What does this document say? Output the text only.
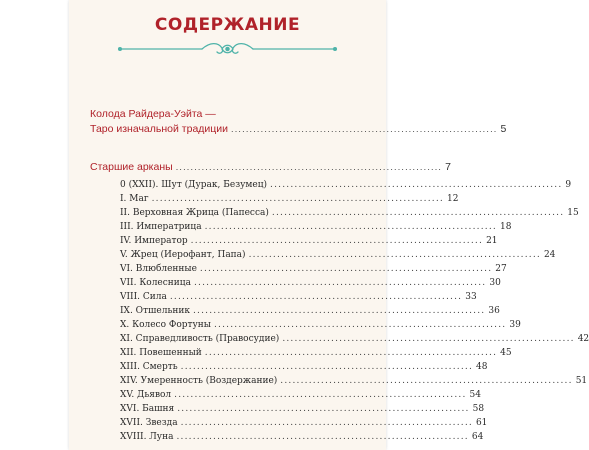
СОДЕРЖАНИЕ
Колода Райдера-Уэйта —
Таро изначальной традиции ........................................................................ 5
Старшие арканы ........................................................................ 7
0 (XXII). Шут (Дурак, Безумец) ........................................................................ 9
I. Маг ........................................................................ 12
II. Верховная Жрица (Папесса) ........................................................................ 15
III. Императрица ........................................................................ 18
IV. Император ........................................................................ 21
V. Жрец (Иерофант, Папа) ........................................................................ 24
VI. Влюбленные ........................................................................ 27
VII. Колесница ........................................................................ 30
VIII. Сила ........................................................................ 33
IX. Отшельник ........................................................................ 36
X. Колесо Фортуны ........................................................................ 39
XI. Справедливость (Правосудие) ........................................................................ 42
XII. Повешенный ........................................................................ 45
XIII. Смерть ........................................................................ 48
XIV. Умеренность (Воздержание) ........................................................................ 51
XV. Дьявол ........................................................................ 54
XVI. Башня ........................................................................ 58
XVII. Звезда ........................................................................ 61
XVIII. Луна ........................................................................ 64
